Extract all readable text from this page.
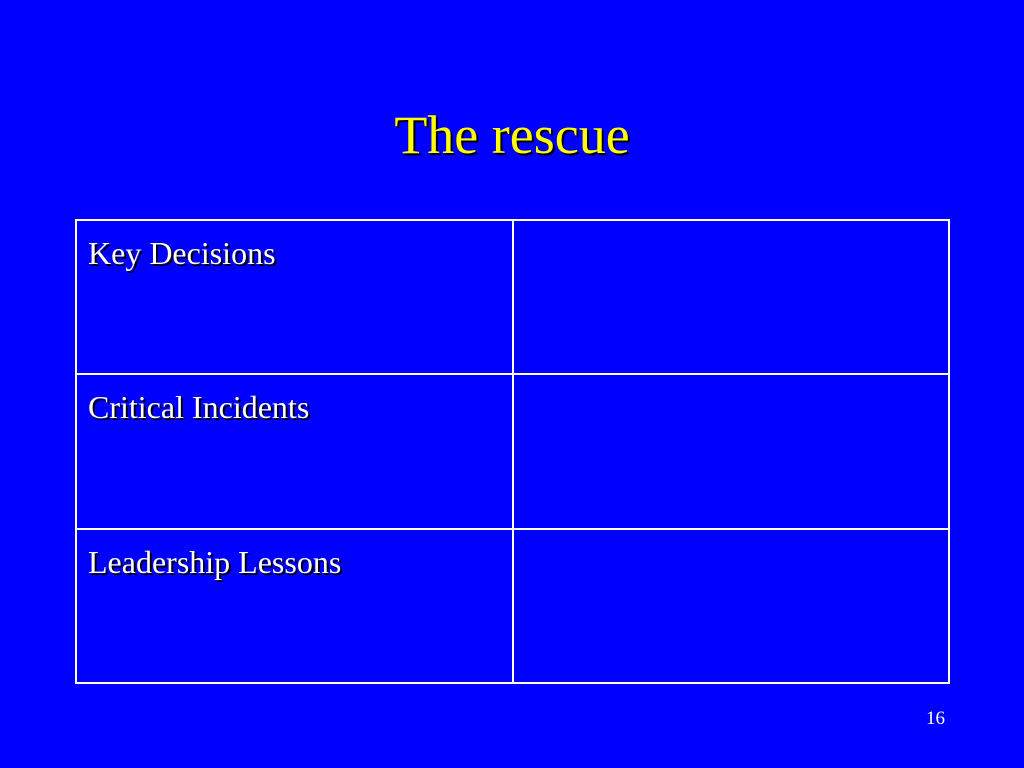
The rescue
Key Decisions	

Critical Incidents	

Leadership Lessons	

16
